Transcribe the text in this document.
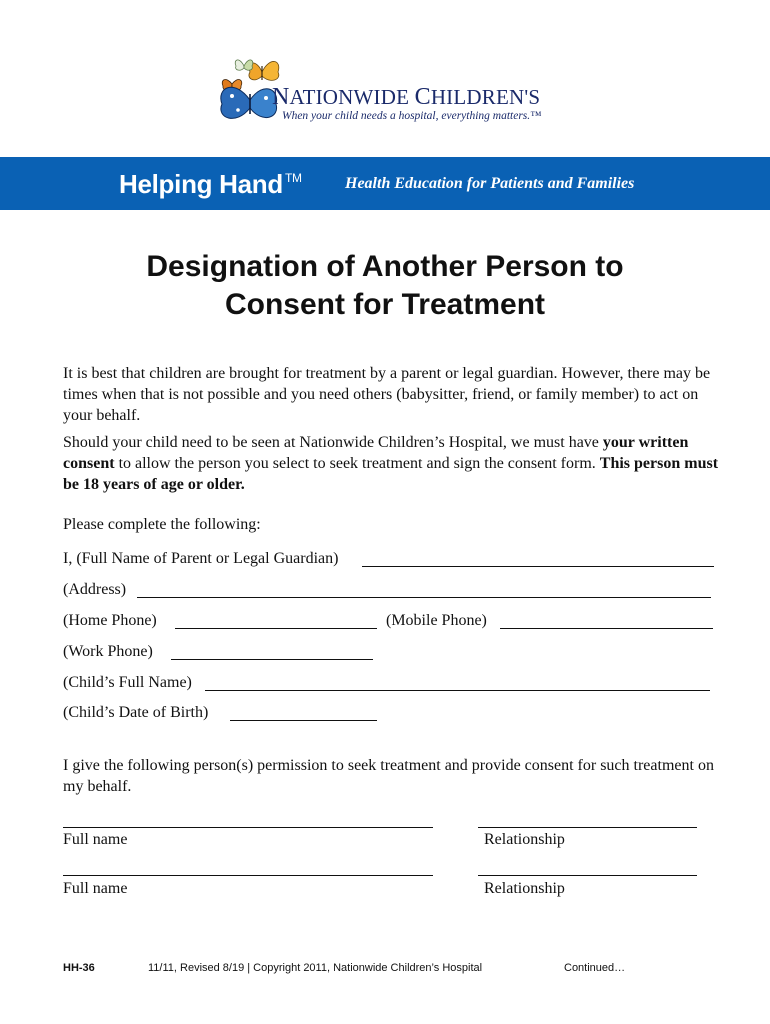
NATIONWIDE CHILDREN'S
When your child needs a hospital, everything matters.™
Helping Hand ™	Health Education for Patients and Families
Designation of Another Person to
Consent for Treatment
It is best that children are brought for treatment by a parent or legal guardian. However, there may be times when that is not possible and you need others (babysitter, friend, or family member) to act on your behalf.
Should your child need to be seen at Nationwide Children’s Hospital, we must have your written consent to allow the person you select to seek treatment and sign the consent form. This person must be 18 years of age or older.
Please complete the following:
I, (Full Name of Parent or Legal Guardian)
(Address)
(Home Phone)	(Mobile Phone)
(Work Phone)
(Child’s Full Name)
(Child’s Date of Birth)
I give the following person(s) permission to seek treatment and provide consent for such treatment on my behalf.
Full name	Relationship
Full name	Relationship
HH-36	11/11, Revised 8/19 | Copyright 2011, Nationwide Children’s Hospital	Continued…
